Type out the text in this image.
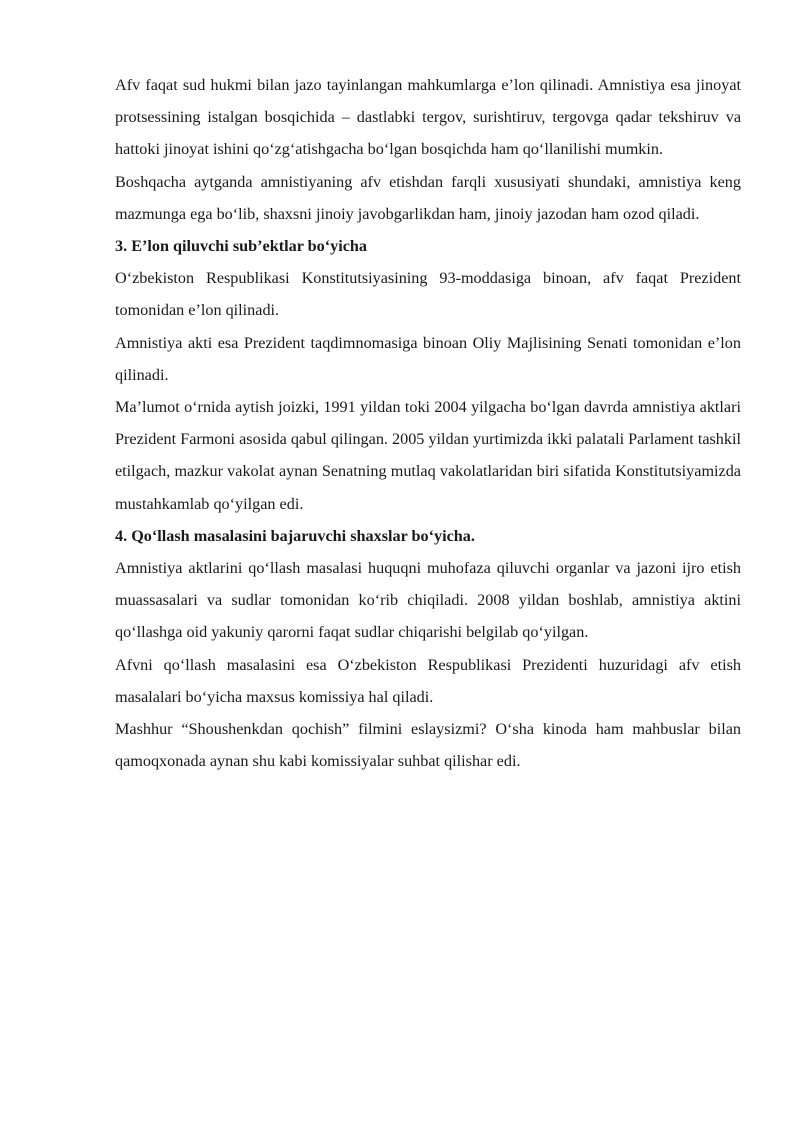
Afv faqat sud hukmi bilan jazo tayinlangan mahkumlarga e’lon qilinadi. Amnistiya esa jinoyat protsessining istalgan bosqichida – dastlabki tergov, surishtiruv, tergovga qadar tekshiruv va hattoki jinoyat ishini qo‘zg‘atishgacha bo‘lgan bosqichda ham qo‘llanilishi mumkin.

Boshqacha aytganda amnistiyaning afv etishdan farqli xususiyati shundaki, amnistiya keng mazmunga ega bo‘lib, shaxsni jinoiy javobgarlikdan ham, jinoiy jazodan ham ozod qiladi.

3. E’lon qiluvchi sub’ektlar bo‘yicha

O‘zbekiston Respublikasi Konstitutsiyasining 93-moddasiga binoan, afv faqat Prezident tomonidan e’lon qilinadi.

Amnistiya akti esa Prezident taqdimnomasiga binoan Oliy Majlisining Senati tomonidan e’lon qilinadi.

Ma’lumot o‘rnida aytish joizki, 1991 yildan toki 2004 yilgacha bo‘lgan davrda amnistiya aktlari Prezident Farmoni asosida qabul qilingan. 2005 yildan yurtimizda ikki palatali Parlament tashkil etilgach, mazkur vakolat aynan Senatning mutlaq vakolatlaridan biri sifatida Konstitutsiyamizda mustahkamlab qo‘yilgan edi.

4. Qo‘llash masalasini bajaruvchi shaxslar bo‘yicha.

Amnistiya aktlarini qo‘llash masalasi huquqni muhofaza qiluvchi organlar va jazoni ijro etish muassasalari va sudlar tomonidan ko‘rib chiqiladi. 2008 yildan boshlab, amnistiya aktini qo‘llashga oid yakuniy qarorni faqat sudlar chiqarishi belgilab qo‘yilgan.

Afvni qo‘llash masalasini esa O‘zbekiston Respublikasi Prezidenti huzuridagi afv etish masalalari bo‘yicha maxsus komissiya hal qiladi.

Mashhur “Shoushenkdan qochish” filmini eslaysizmi? O‘sha kinoda ham mahbuslar bilan qamoqxonada aynan shu kabi komissiyalar suhbat qilishar edi.
